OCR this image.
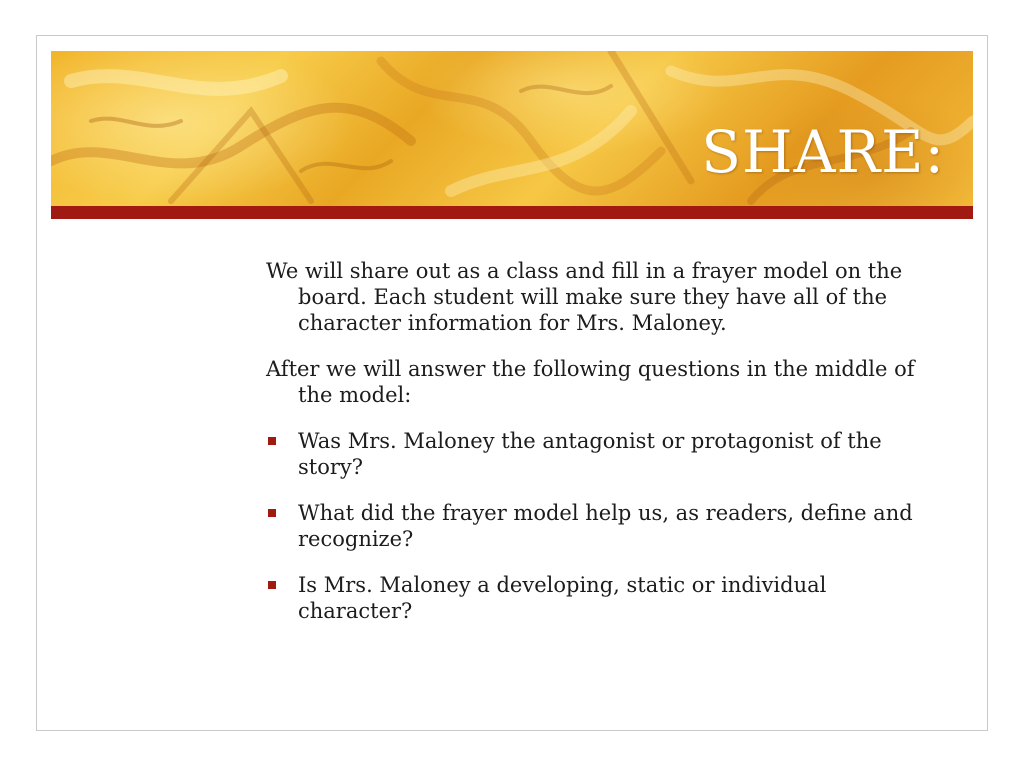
SHARE:

We will share out as a class and fill in a frayer model on the board. Each student will make sure they have all of the character information for Mrs. Maloney.

After we will answer the following questions in the middle of the model:

Was Mrs. Maloney the antagonist or protagonist of the story?
What did the frayer model help us, as readers, define and recognize?
Is Mrs. Maloney a developing, static or individual character?
